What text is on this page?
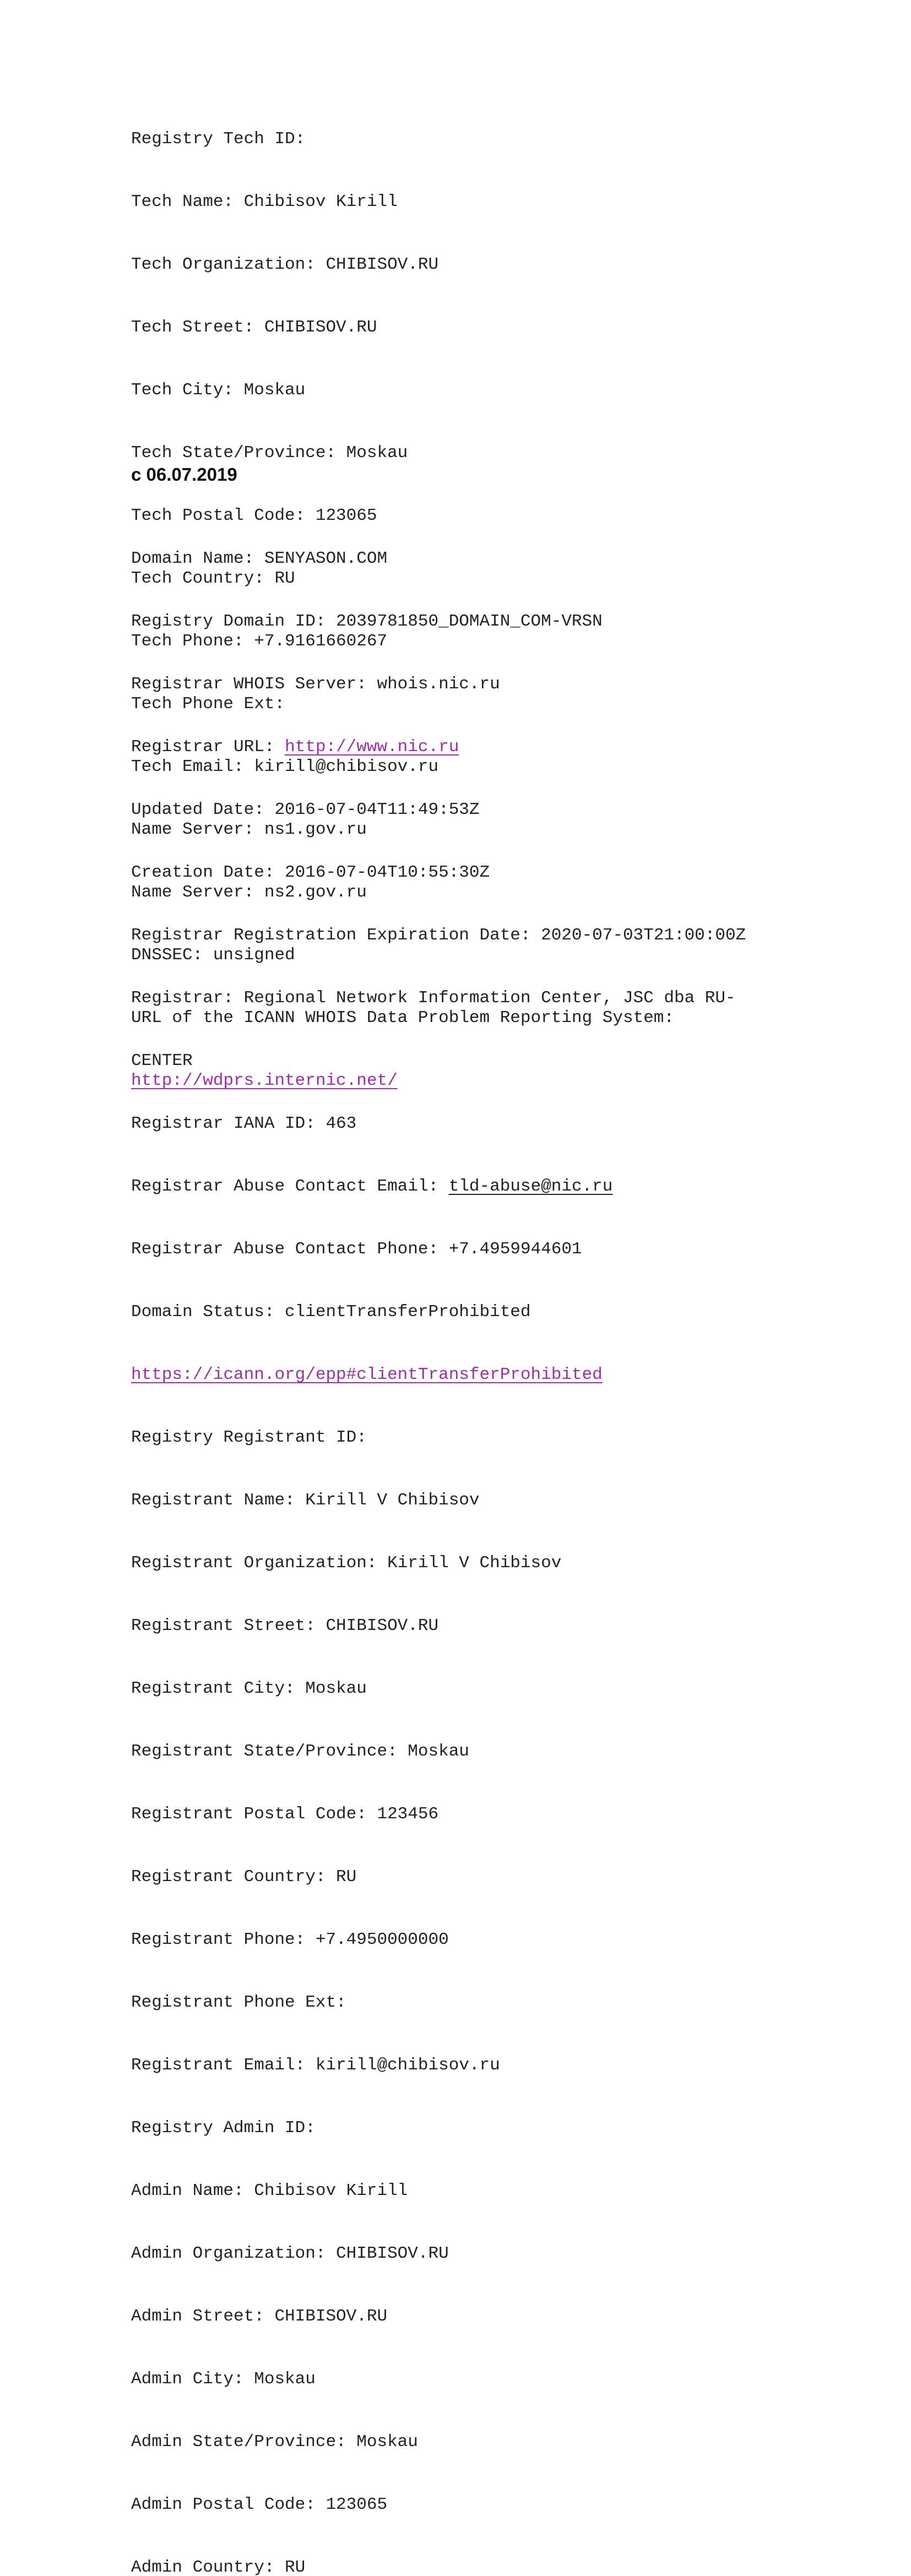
Registry Tech ID:

Tech Name: Chibisov Kirill

Tech Organization: CHIBISOV.RU

Tech Street: CHIBISOV.RU

Tech City: Moskau

Tech State/Province: Moskau

Tech Postal Code: 123065

Tech Country: RU

Tech Phone: +7.9161660267

Tech Phone Ext:

Tech Email: kirill@chibisov.ru

Name Server: ns1.gov.ru

Name Server: ns2.gov.ru

DNSSEC: unsigned

URL of the ICANN WHOIS Data Problem Reporting System:

http://wdprs.internic.net/

c 06.07.2019

Domain Name: SENYASON.COM

Registry Domain ID: 2039781850_DOMAIN_COM-VRSN

Registrar WHOIS Server: whois.nic.ru

Registrar URL: http://www.nic.ru

Updated Date: 2016-07-04T11:49:53Z

Creation Date: 2016-07-04T10:55:30Z

Registrar Registration Expiration Date: 2020-07-03T21:00:00Z

Registrar: Regional Network Information Center, JSC dba RU-

CENTER

Registrar IANA ID: 463

Registrar Abuse Contact Email: tld-abuse@nic.ru

Registrar Abuse Contact Phone: +7.4959944601

Domain Status: clientTransferProhibited

https://icann.org/epp#clientTransferProhibited

Registry Registrant ID:

Registrant Name: Kirill V Chibisov

Registrant Organization: Kirill V Chibisov

Registrant Street: CHIBISOV.RU

Registrant City: Moskau

Registrant State/Province: Moskau

Registrant Postal Code: 123456

Registrant Country: RU

Registrant Phone: +7.4950000000

Registrant Phone Ext:

Registrant Email: kirill@chibisov.ru

Registry Admin ID:

Admin Name: Chibisov Kirill

Admin Organization: CHIBISOV.RU

Admin Street: CHIBISOV.RU

Admin City: Moskau

Admin State/Province: Moskau

Admin Postal Code: 123065

Admin Country: RU
